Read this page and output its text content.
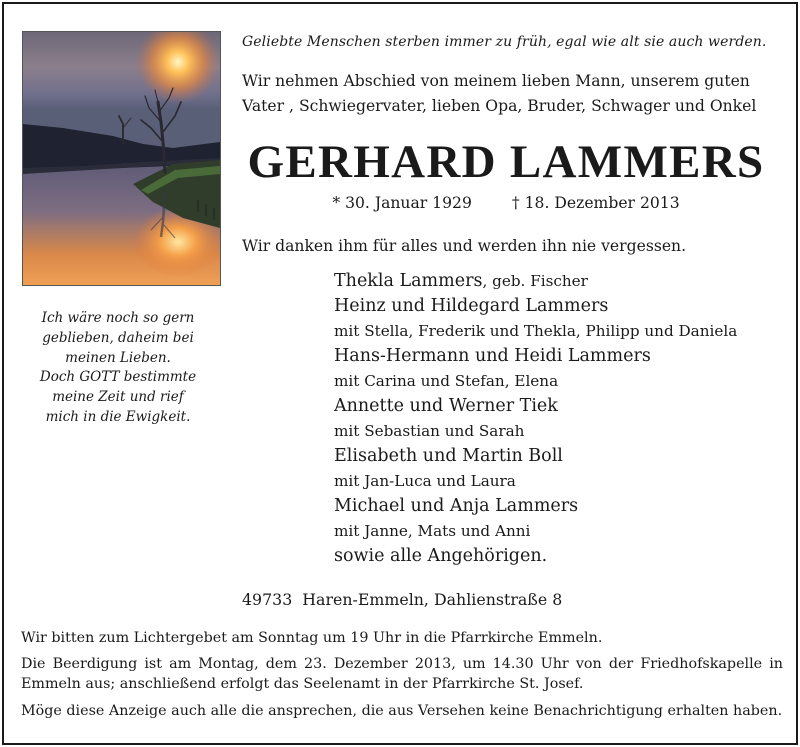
Ich wäre noch so gern
geblieben, daheim bei
meinen Lieben.
Doch GOTT bestimmte
meine Zeit und rief
mich in die Ewigkeit.
Geliebte Menschen sterben immer zu früh, egal wie alt sie auch werden.
Wir nehmen Abschied von meinem lieben Mann, unserem guten
Vater , Schwiegervater, lieben Opa, Bruder, Schwager und Onkel
GERHARD LAMMERS
* 30. Januar 1929	† 18. Dezember 2013
Wir danken ihm für alles und werden ihn nie vergessen.
Thekla Lammers, geb. Fischer
Heinz und Hildegard Lammers
mit Stella, Frederik und Thekla, Philipp und Daniela
Hans-Hermann und Heidi Lammers
mit Carina und Stefan, Elena
Annette und Werner Tiek
mit Sebastian und Sarah
Elisabeth und Martin Boll
mit Jan-Luca und Laura
Michael und Anja Lammers
mit Janne, Mats und Anni
sowie alle Angehörigen.
49733 Haren-Emmeln, Dahlienstraße 8
Wir bitten zum Lichtergebet am Sonntag um 19 Uhr in die Pfarrkirche Emmeln.
Die Beerdigung ist am Montag, dem 23. Dezember 2013, um 14.30 Uhr von der Friedhofskapelle in Emmeln aus; anschließend erfolgt das Seelenamt in der Pfarrkirche St. Josef.
Möge diese Anzeige auch alle die ansprechen, die aus Versehen keine Benachrichtigung erhalten haben.
